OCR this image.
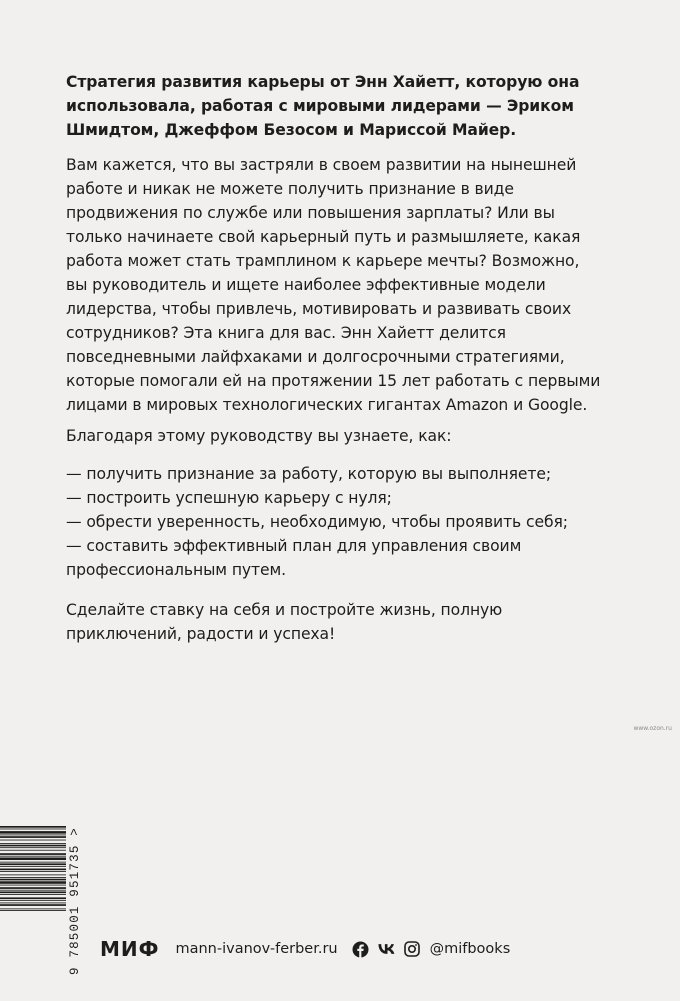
Стратегия развития карьеры от Энн Хайетт, которую она
использовала, работая с мировыми лидерами — Эриком
Шмидтом, Джеффом Безосом и Мариссой Майер.

Вам кажется, что вы застряли в своем развитии на нынешней
работе и никак не можете получить признание в виде
продвижения по службе или повышения зарплаты? Или вы
только начинаете свой карьерный путь и размышляете, какая
работа может стать трамплином к карьере мечты? Возможно,
вы руководитель и ищете наиболее эффективные модели
лидерства, чтобы привлечь, мотивировать и развивать своих
сотрудников? Эта книга для вас. Энн Хайетт делится
повседневными лайфхаками и долгосрочными стратегиями,
которые помогали ей на протяжении 15 лет работать с первыми
лицами в мировых технологических гигантах Amazon и Google.

Благодаря этому руководству вы узнаете, как:

— получить признание за работу, которую вы выполняете;
— построить успешную карьеру с нуля;
— обрести уверенность, необходимую, чтобы проявить себя;
— составить эффективный план для управления своим
профессиональным путем.

Сделайте ставку на себя и постройте жизнь, полную
приключений, радости и успеха!

www.ozon.ru
9 785001 951735 > МИФ mann-ivanov-ferber.ru	@mifbooks
